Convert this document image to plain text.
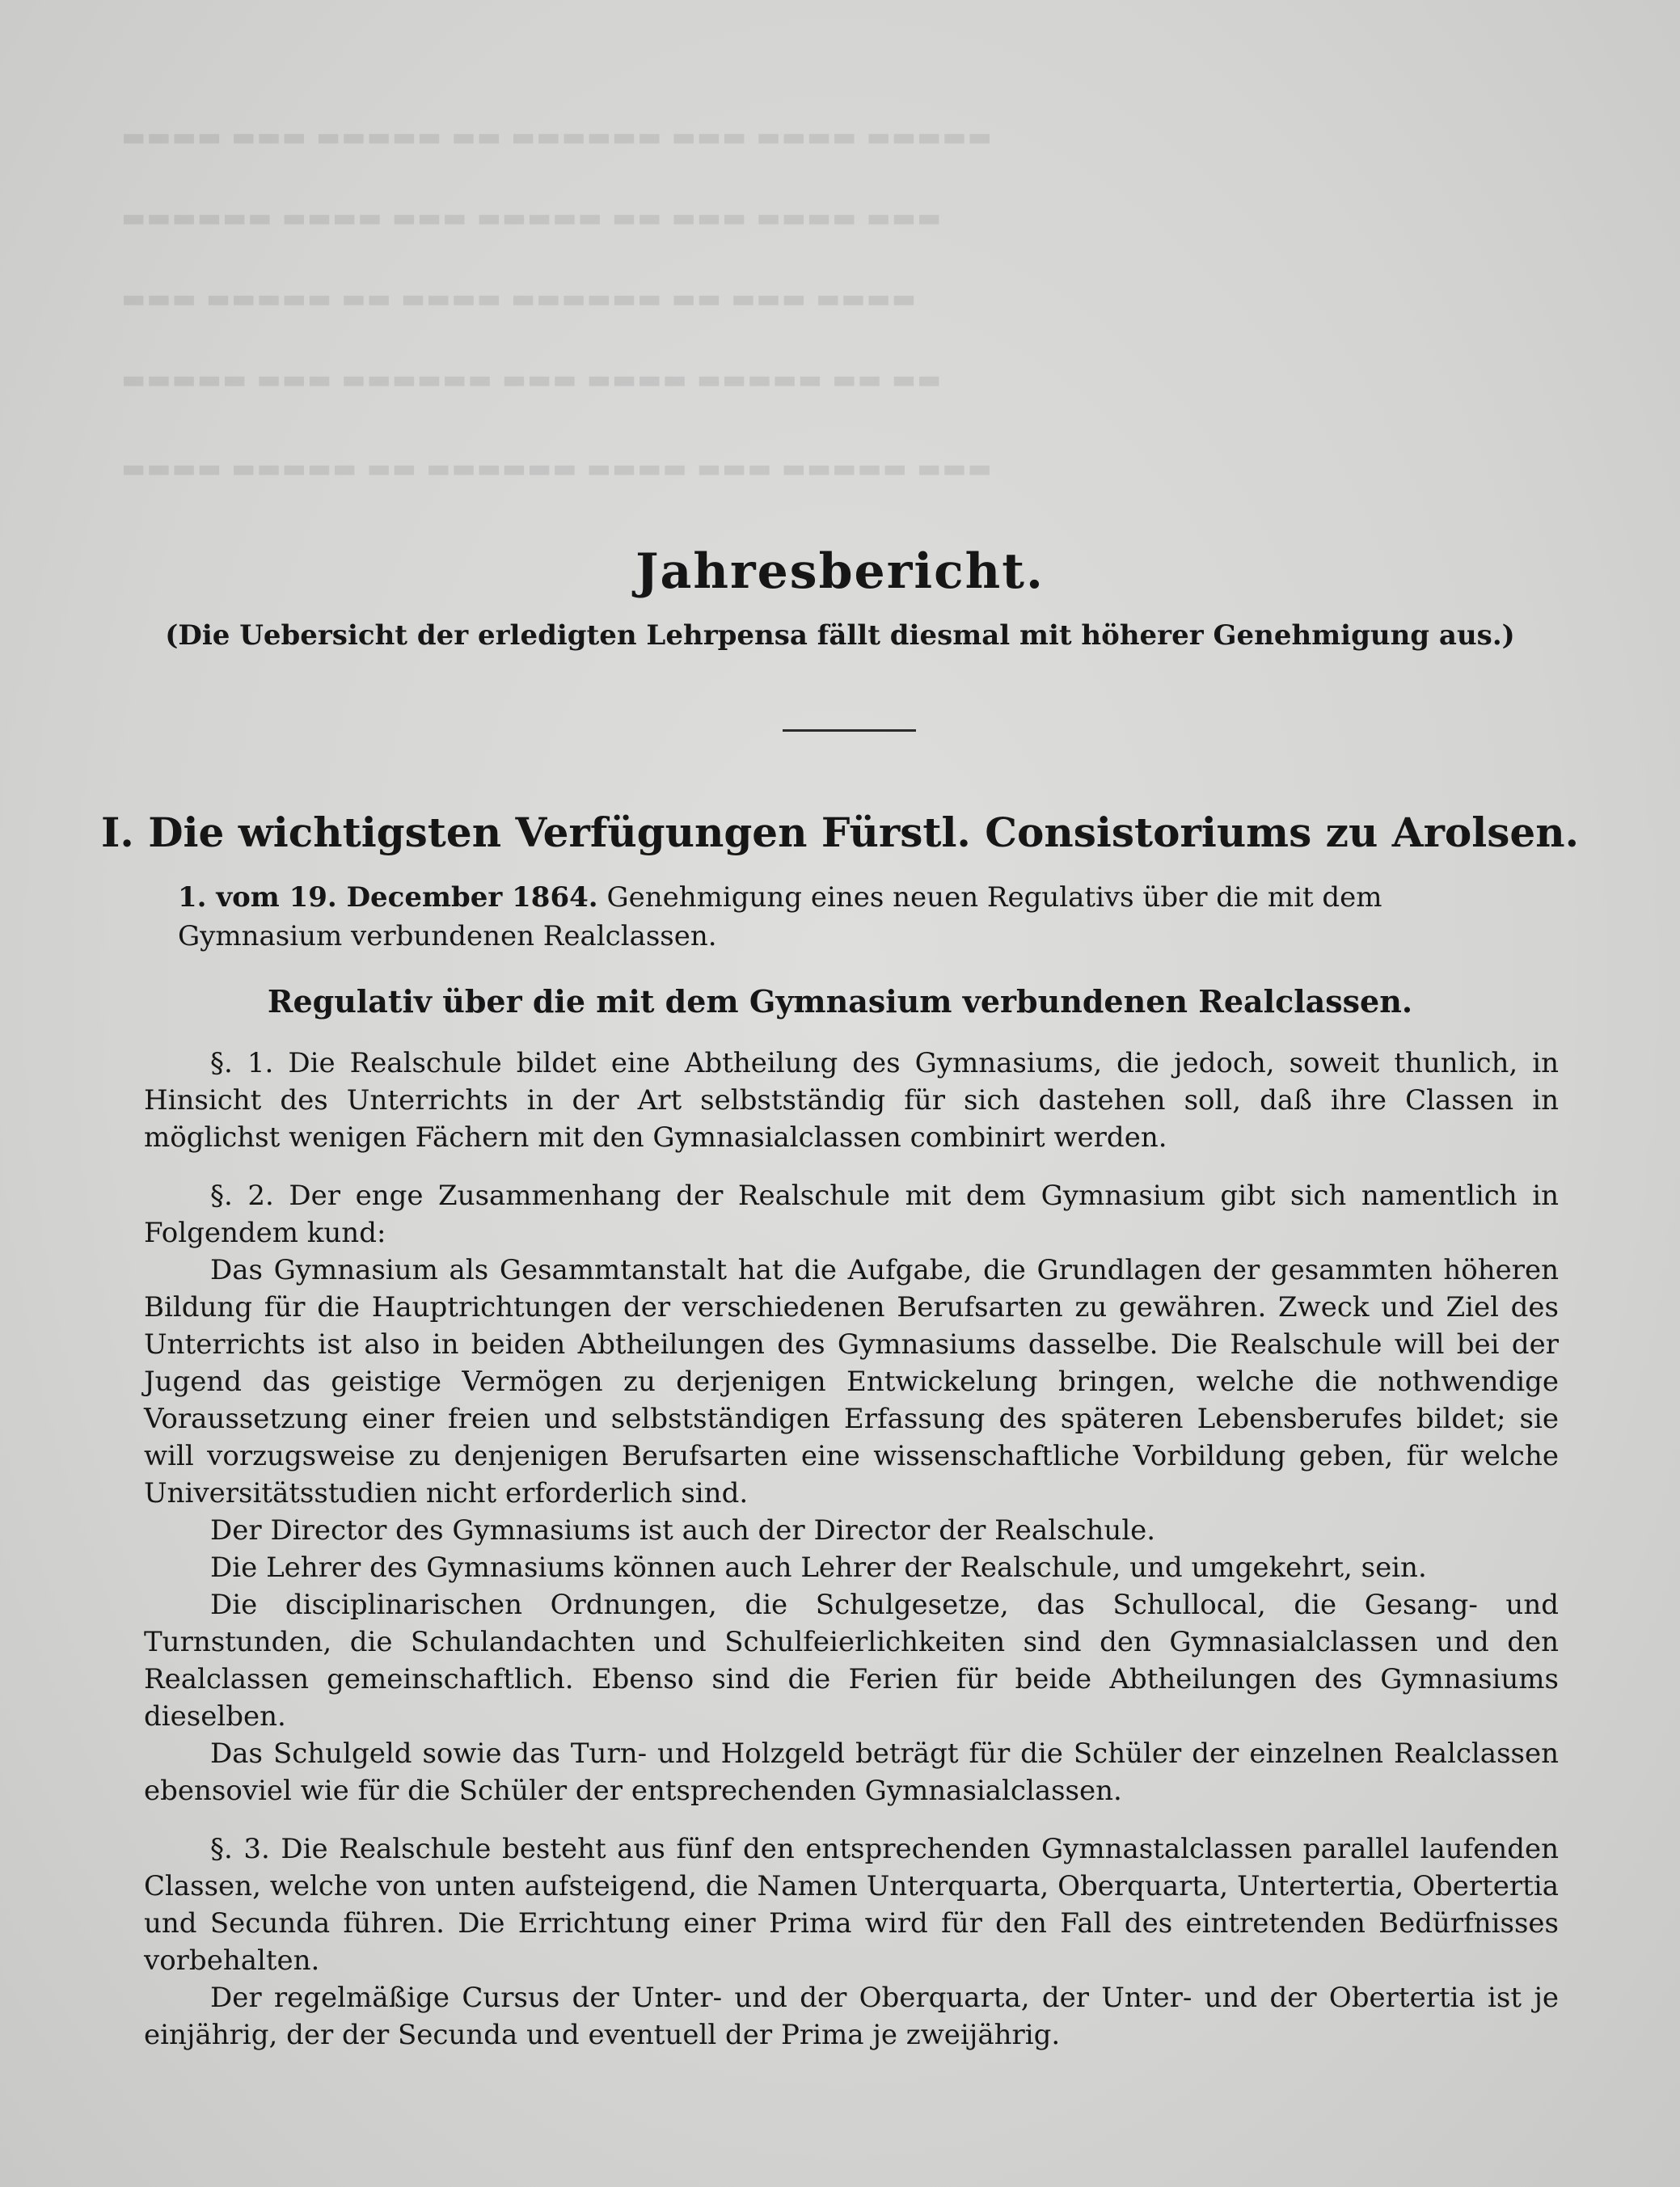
▬▬▬▬ ▬▬▬ ▬▬▬▬▬ ▬▬ ▬▬▬▬▬▬ ▬▬▬ ▬▬▬▬ ▬▬▬▬▬
▬▬▬▬▬▬ ▬▬▬▬ ▬▬▬ ▬▬▬▬▬ ▬▬ ▬▬▬ ▬▬▬▬ ▬▬▬
▬▬▬ ▬▬▬▬▬ ▬▬ ▬▬▬▬ ▬▬▬▬▬▬ ▬▬ ▬▬▬ ▬▬▬▬
▬▬▬▬▬ ▬▬▬ ▬▬▬▬▬▬ ▬▬▬ ▬▬▬▬ ▬▬▬▬▬ ▬▬ ▬▬
▬▬▬▬ ▬▬▬▬▬ ▬▬ ▬▬▬▬▬▬ ▬▬▬▬ ▬▬▬ ▬▬▬▬▬ ▬▬▬
Jahresbericht.
(Die Uebersicht der erledigten Lehrpensa fällt diesmal mit höherer Genehmigung aus.)
I. Die wichtigsten Verfügungen Fürstl. Consistoriums zu Arolsen.
1. vom 19. December 1864. Genehmigung eines neuen Regulativs über die mit dem Gymnasium verbundenen Realclassen.
Regulativ über die mit dem Gymnasium verbundenen Realclassen.

§. 1. Die Realschule bildet eine Abtheilung des Gymnasiums, die jedoch, soweit thunlich, in Hinsicht des Unterrichts in der Art selbstständig für sich dastehen soll, daß ihre Classen in möglichst wenigen Fächern mit den Gymnasialclassen combinirt werden.

§. 2. Der enge Zusammenhang der Realschule mit dem Gymnasium gibt sich namentlich in Folgendem kund:

Das Gymnasium als Gesammtanstalt hat die Aufgabe, die Grundlagen der gesammten höheren Bildung für die Hauptrichtungen der verschiedenen Berufsarten zu gewähren. Zweck und Ziel des Unterrichts ist also in beiden Abtheilungen des Gymnasiums dasselbe. Die Realschule will bei der Jugend das geistige Vermögen zu derjenigen Entwickelung bringen, welche die nothwendige Voraussetzung einer freien und selbstständigen Erfassung des späteren Lebensberufes bildet; sie will vorzugsweise zu denjenigen Berufsarten eine wissenschaftliche Vorbildung geben, für welche Universitätsstudien nicht erforderlich sind.

Der Director des Gymnasiums ist auch der Director der Realschule.

Die Lehrer des Gymnasiums können auch Lehrer der Realschule, und umgekehrt, sein.

Die disciplinarischen Ordnungen, die Schulgesetze, das Schullocal, die Gesang- und Turnstunden, die Schulandachten und Schulfeierlichkeiten sind den Gymnasialclassen und den Realclassen gemeinschaftlich. Ebenso sind die Ferien für beide Abtheilungen des Gymnasiums dieselben.

Das Schulgeld sowie das Turn- und Holzgeld beträgt für die Schüler der einzelnen Realclassen ebensoviel wie für die Schüler der entsprechenden Gymnasialclassen.

§. 3. Die Realschule besteht aus fünf den entsprechenden Gymnastalclassen parallel laufenden Classen, welche von unten aufsteigend, die Namen Unterquarta, Oberquarta, Untertertia, Obertertia und Secunda führen. Die Errichtung einer Prima wird für den Fall des eintretenden Bedürfnisses vorbehalten.

Der regelmäßige Cursus der Unter- und der Oberquarta, der Unter- und der Obertertia ist je einjährig, der der Secunda und eventuell der Prima je zweijährig.
